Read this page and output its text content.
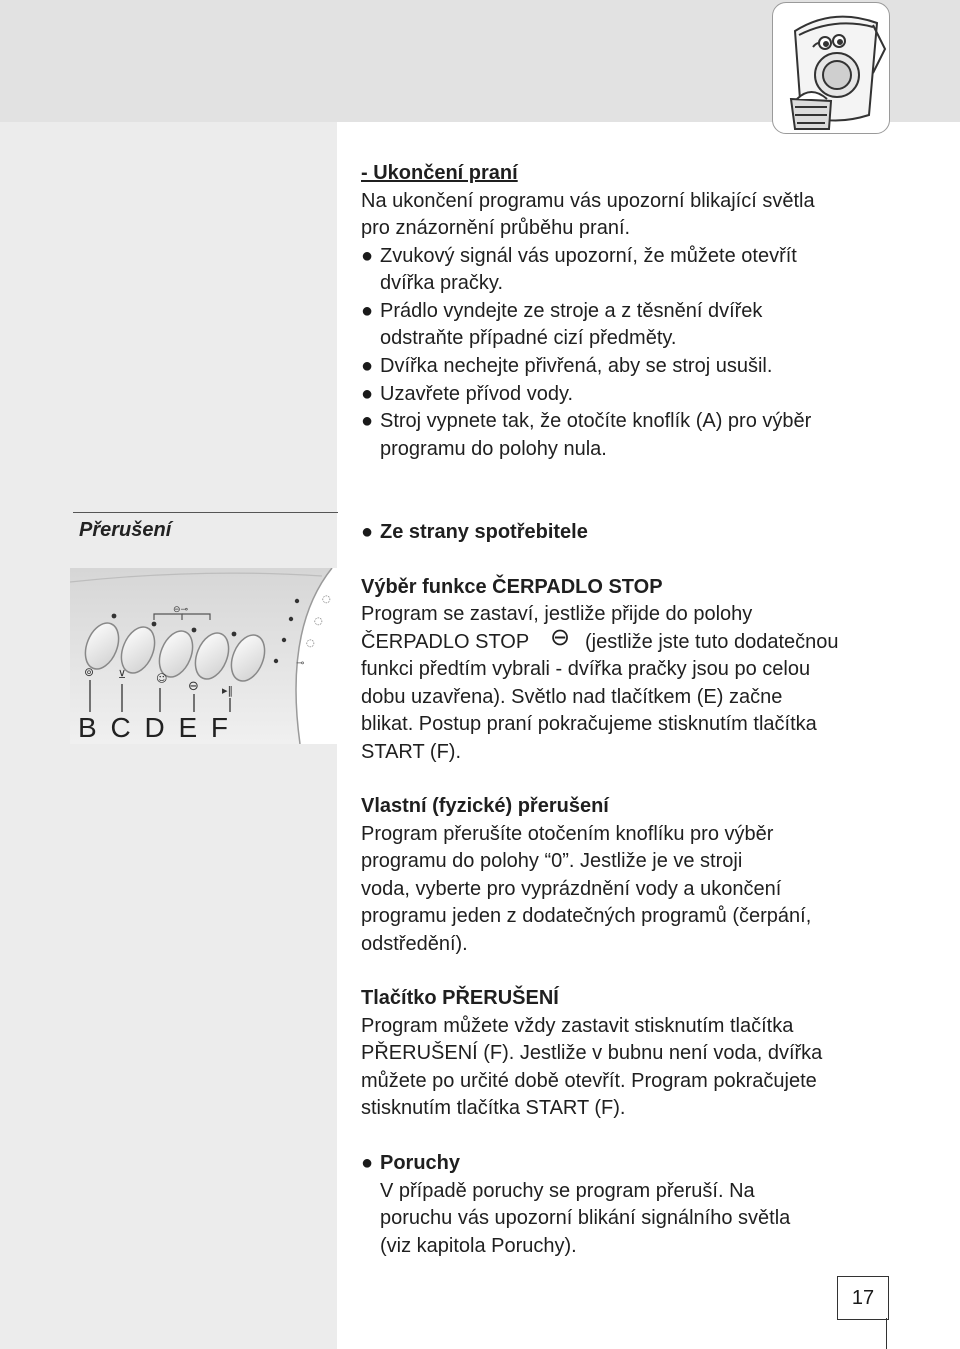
- Ukončení praní
Na ukončení programu vás upozorní blikající světla
pro znázornění průběhu praní.
● Zvukový signál vás upozorní, že můžete otevřít
dvířka pračky.
● Prádlo vyndejte ze stroje a z těsnění dvířek
odstraňte případné cizí předměty.
● Dvířka nechejte přivřená, aby se stroj usušil.
● Uzavřete přívod vody.
● Stroj vypnete tak, že otočíte knoflík (A) pro výběr
programu do polohy nula.
Přerušení	● Ze strany spotřebitele
⊖⊸
◌
◌
◌
⊸
⊚ ⊻	☺
⊖ ▸‖
B C D E F
Výběr funkce ČERPADLO STOP
Program se zastaví, jestliže přijde do polohy
ČERPADLO STOP ⊖ (jestliže jste tuto dodatečnou
funkci předtím vybrali - dvířka pračky jsou po celou
dobu uzavřena). Světlo nad tlačítkem (E) začne
blikat. Postup praní pokračujeme stisknutím tlačítka
START (F).
Vlastní (fyzické) přerušení
Program přerušíte otočením knoflíku pro výběr
programu do polohy “0”. Jestliže je ve stroji
voda, vyberte pro vyprázdnění vody a ukončení
programu jeden z dodatečných programů (čerpání,
odstředění).
Tlačítko PŘERUŠENÍ
Program můžete vždy zastavit stisknutím tlačítka
PŘERUŠENÍ (F). Jestliže v bubnu není voda, dvířka
můžete po určité době otevřít. Program pokračujete
stisknutím tlačítka START (F).
● Poruchy
V případě poruchy se program přeruší. Na
poruchu vás upozorní blikání signálního světla
(viz kapitola Poruchy).
17
